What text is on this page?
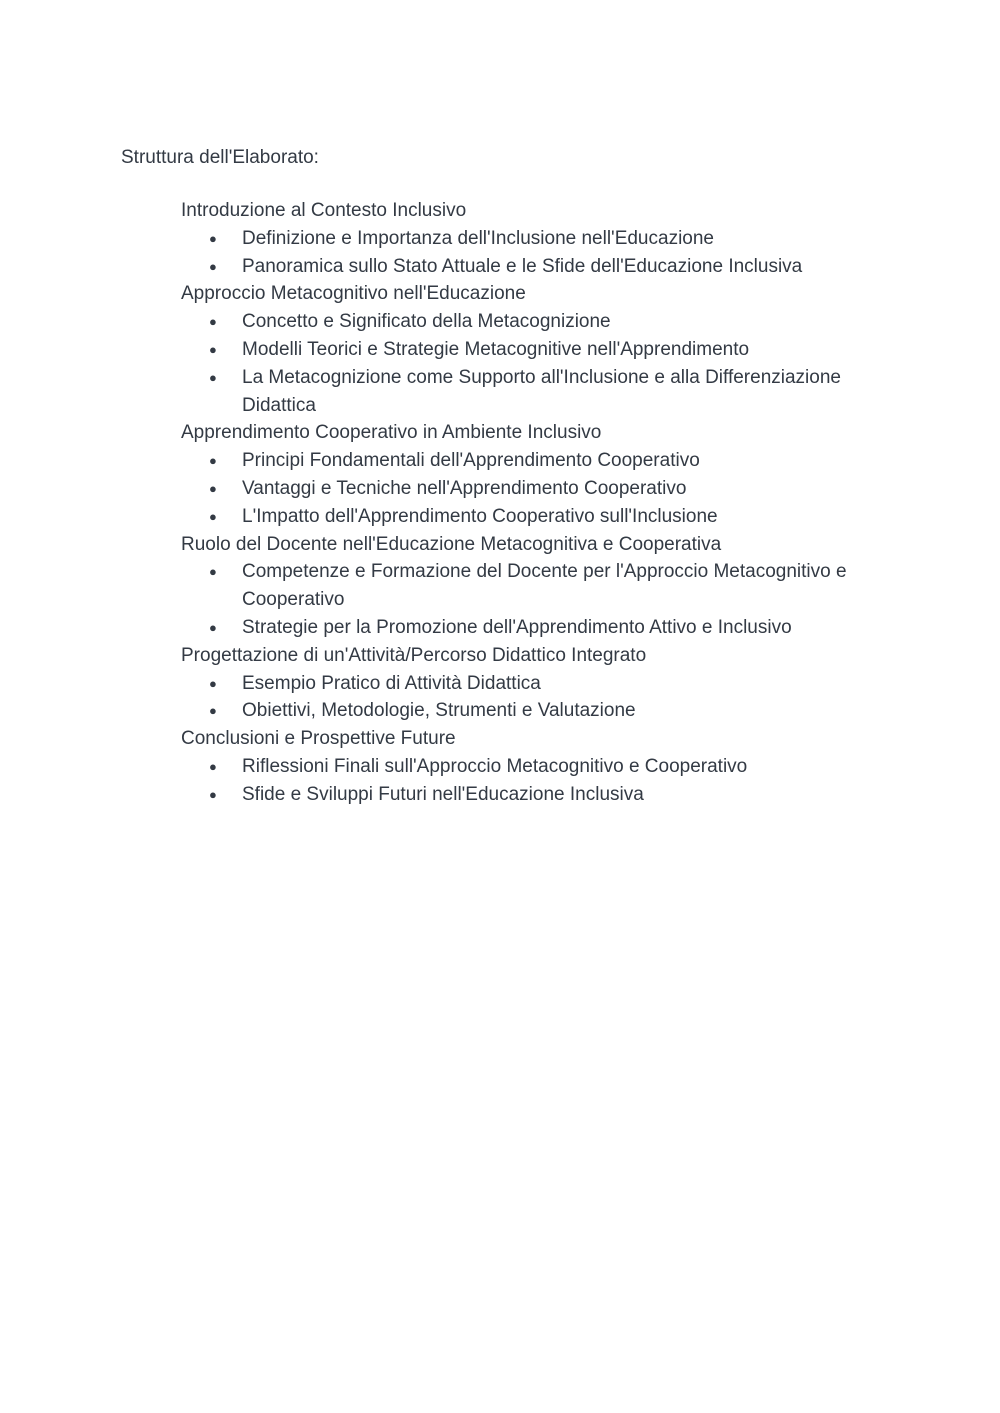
Struttura dell'Elaborato:
Introduzione al Contesto Inclusivo
● Definizione e Importanza dell'Inclusione nell'Educazione
● Panoramica sullo Stato Attuale e le Sfide dell'Educazione Inclusiva
Approccio Metacognitivo nell'Educazione
● Concetto e Significato della Metacognizione
● Modelli Teorici e Strategie Metacognitive nell'Apprendimento
● La Metacognizione come Supporto all'Inclusione e alla Differenziazione Didattica
Apprendimento Cooperativo in Ambiente Inclusivo
● Principi Fondamentali dell'Apprendimento Cooperativo
● Vantaggi e Tecniche nell'Apprendimento Cooperativo
● L'Impatto dell'Apprendimento Cooperativo sull'Inclusione
Ruolo del Docente nell'Educazione Metacognitiva e Cooperativa
● Competenze e Formazione del Docente per l'Approccio Metacognitivo e Cooperativo
● Strategie per la Promozione dell'Apprendimento Attivo e Inclusivo
Progettazione di un'Attività/Percorso Didattico Integrato
● Esempio Pratico di Attività Didattica
● Obiettivi, Metodologie, Strumenti e Valutazione
Conclusioni e Prospettive Future
● Riflessioni Finali sull'Approccio Metacognitivo e Cooperativo
● Sfide e Sviluppi Futuri nell'Educazione Inclusiva
